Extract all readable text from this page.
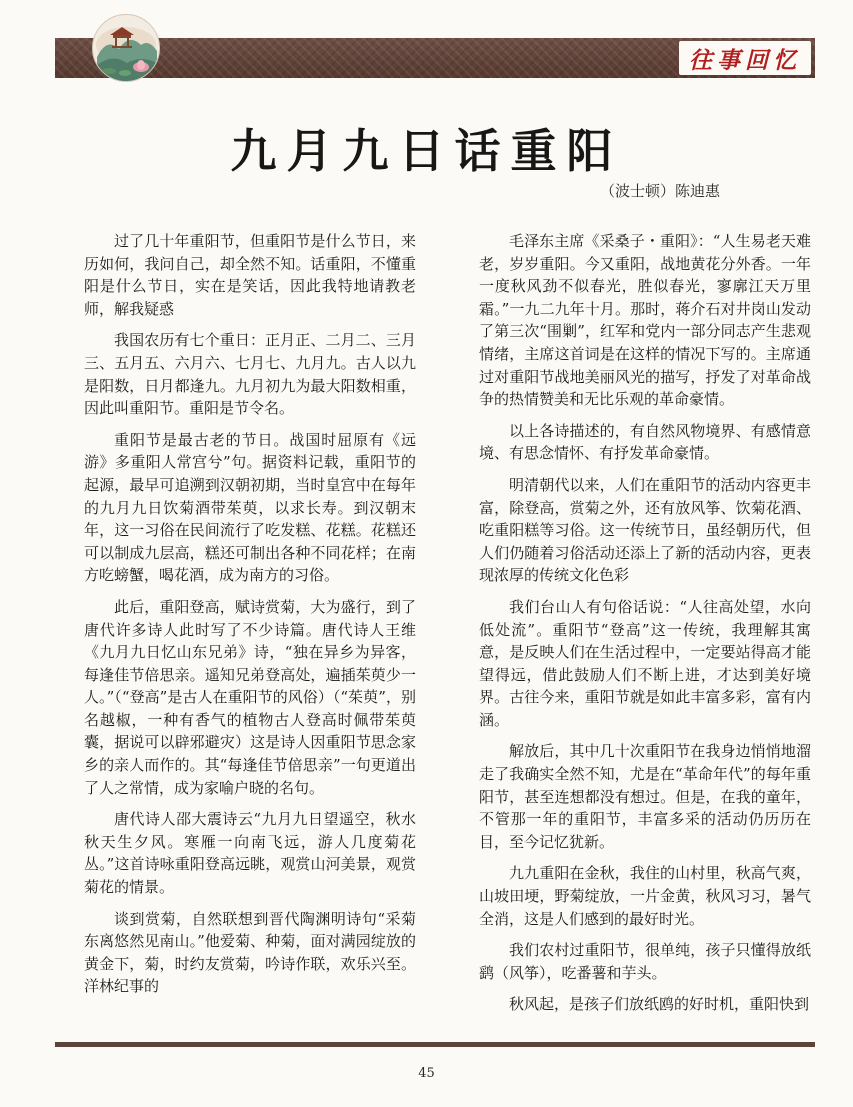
往事回忆
九月九日话重阳
（波士顿）陈迪惠

过了几十年重阳节，但重阳节是什么节日，来历如何，我问自己，却全然不知。话重阳，不懂重阳是什么节日，实在是笑话，因此我特地请教老师，解我疑惑

我国农历有七个重日：正月正、二月二、三月三、五月五、六月六、七月七、九月九。古人以九是阳数，日月都逢九。九月初九为最大阳数相重，因此叫重阳节。重阳是节令名。

重阳节是最古老的节日。战国时屈原有《远游》多重阳人常宫兮”句。据资料记载，重阳节的起源，最早可追溯到汉朝初期，当时皇宫中在每年的九月九日饮菊酒带茱萸，以求长寿。到汉朝末年，这一习俗在民间流行了吃发糕、花糕。花糕还可以制成九层高，糕还可制出各种不同花样；在南方吃螃蟹，喝花酒，成为南方的习俗。

此后，重阳登高，赋诗赏菊，大为盛行，到了唐代许多诗人此时写了不少诗篇。唐代诗人王维《九月九日忆山东兄弟》诗，“独在异乡为异客，每逢佳节倍思亲。遥知兄弟登高处，遍插茱萸少一人。”（“登高”是古人在重阳节的风俗）（“茱萸”，别名越椒，一种有香气的植物古人登高时佩带茱萸囊，据说可以辟邪避灾）这是诗人因重阳节思念家乡的亲人而作的。其“每逢佳节倍思亲”一句更道出了人之常情，成为家喻户晓的名句。

唐代诗人邵大震诗云“九月九日望遥空，秋水秋天生夕风。寒雁一向南飞远，游人几度菊花丛。”这首诗咏重阳登高远眺，观赏山河美景，观赏菊花的情景。

谈到赏菊，自然联想到晋代陶渊明诗句“采菊东离悠然见南山。”他爱菊、种菊，面对满园绽放的黄金下，菊，时约友赏菊，吟诗作联，欢乐兴至。洋林纪事的

毛泽东主席《采桑子・重阳》：“人生易老天难老，岁岁重阳。今又重阳，战地黄花分外香。一年一度秋风劲不似春光，胜似春光，寥廓江天万里霜。”一九二九年十月。那时，蒋介石对井岗山发动了第三次“围剿”，红军和党内一部分同志产生悲观情绪，主席这首词是在这样的情况下写的。主席通过对重阳节战地美丽风光的描写，抒发了对革命战争的热情赞美和无比乐观的革命豪情。

以上各诗描述的，有自然风物境界、有感情意境、有思念情怀、有抒发革命豪情。

明清朝代以来，人们在重阳节的活动内容更丰富，除登高，赏菊之外，还有放风筝、饮菊花酒、吃重阳糕等习俗。这一传统节日，虽经朝历代，但人们仍随着习俗活动还添上了新的活动内容，更表现浓厚的传统文化色彩

我们台山人有句俗话说：“人往高处望，水向低处流”。重阳节“登高”这一传统，我理解其寓意，是反映人们在生活过程中，一定要站得高才能望得远，借此鼓励人们不断上进，才达到美好境界。古往今来，重阳节就是如此丰富多彩，富有内涵。

解放后，其中几十次重阳节在我身边悄悄地溜走了我确实全然不知，尤是在“革命年代”的每年重阳节，甚至连想都没有想过。但是，在我的童年，不管那一年的重阳节，丰富多采的活动仍历历在目，至今记忆犹新。

九九重阳在金秋，我住的山村里，秋高气爽，山坡田埂，野菊绽放，一片金黄，秋风习习，暑气全消，这是人们感到的最好时光。

我们农村过重阳节，很单纯，孩子只懂得放纸鹞（风筝），吃番薯和芋头。

秋风起，是孩子们放纸鸥的好时机，重阳快到

45
